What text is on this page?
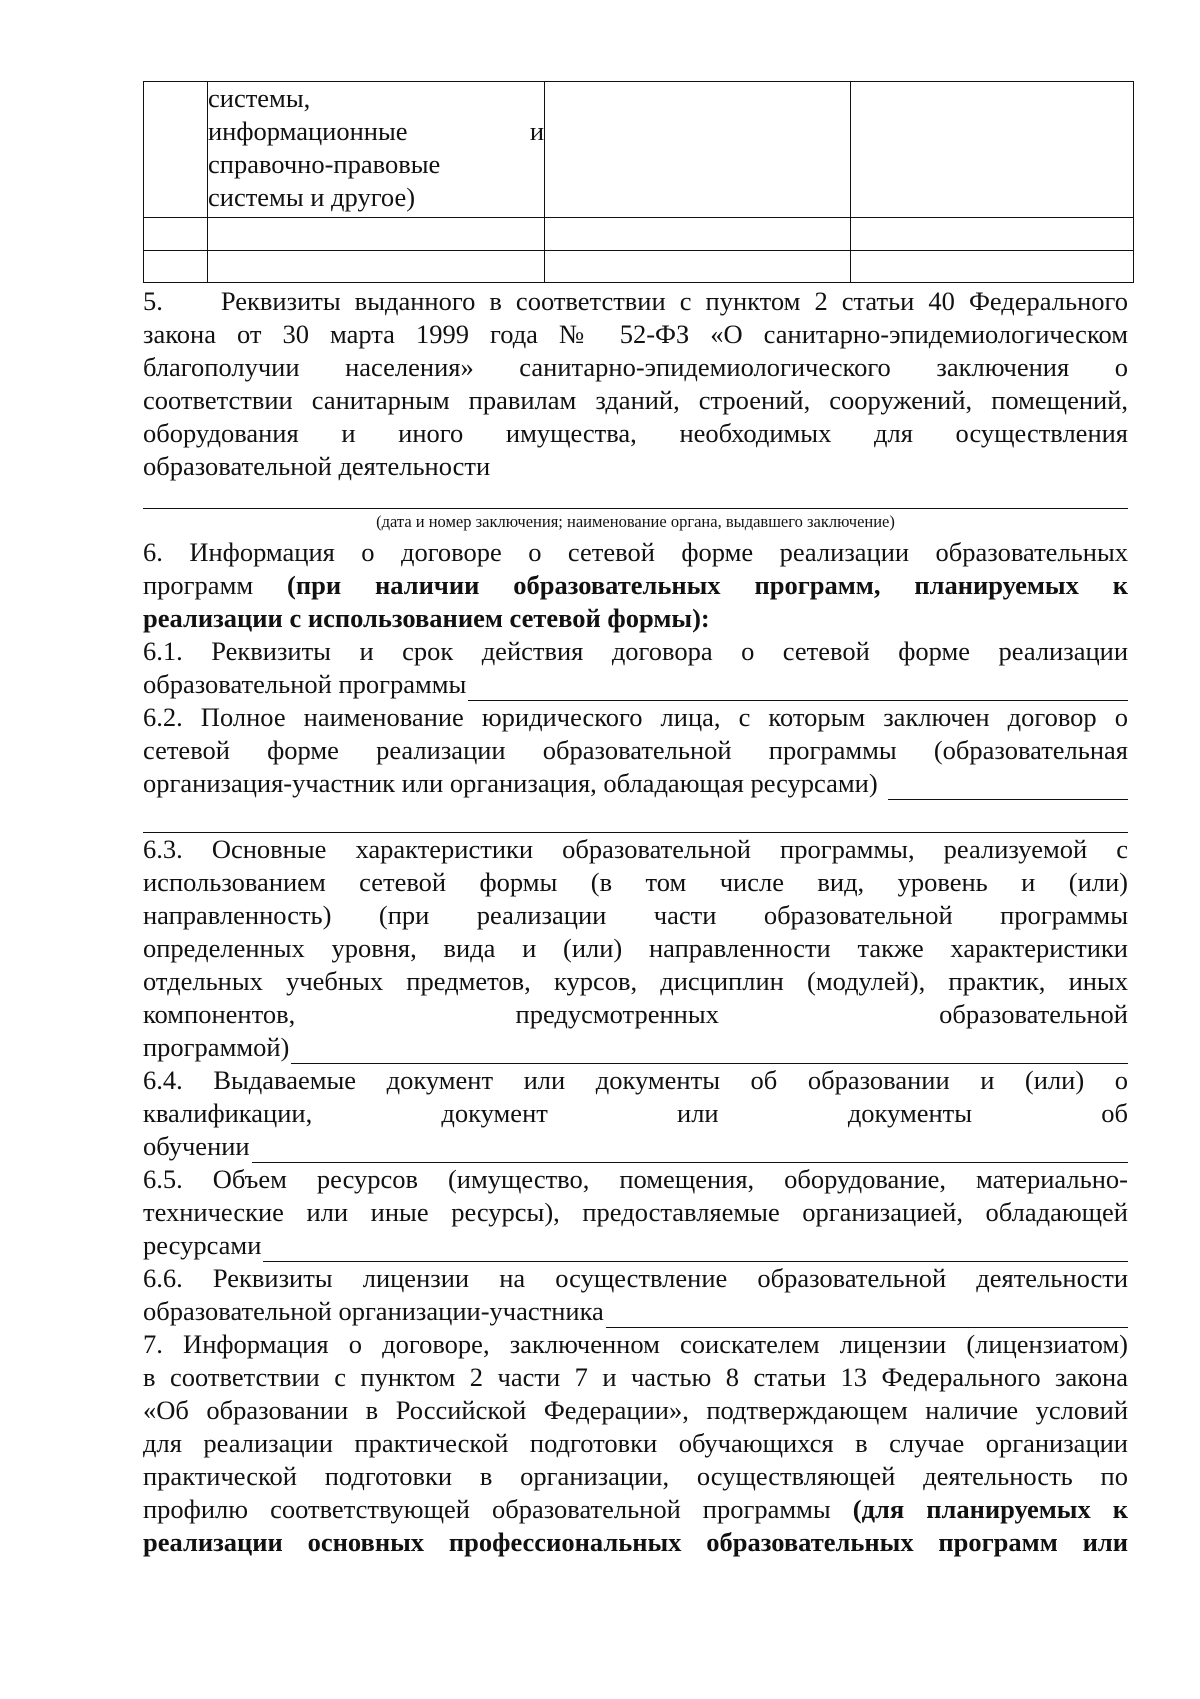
	системы,
информационные и
справочно-правовые
системы и другое)		

5. Реквизиты выданного в соответствии с пунктом 2 статьи 40 Федерального
закона от 30 марта 1999 года № 52-ФЗ «О санитарно-эпидемиологическом
благополучии населения» санитарно-эпидемиологического заключения о
соответствии санитарным правилам зданий, строений, сооружений, помещений,
оборудования и иного имущества, необходимых для осуществления
образовательной деятельности
(дата и номер заключения; наименование органа, выдавшего заключение)
6. Информация о договоре о сетевой форме реализации образовательных
программ (при наличии образовательных программ, планируемых к
реализации с использованием сетевой формы):
6.1. Реквизиты и срок действия договора о сетевой форме реализации
образовательной программы
6.2. Полное наименование юридического лица, с которым заключен договор о
сетевой форме реализации образовательной программы (образовательная
организация-участник или организация, обладающая ресурсами)
6.3. Основные характеристики образовательной программы, реализуемой с
использованием сетевой формы (в том числе вид, уровень и (или)
направленность) (при реализации части образовательной программы
определенных уровня, вида и (или) направленности также характеристики
отдельных учебных предметов, курсов, дисциплин (модулей), практик, иных
компонентов, предусмотренных образовательной
программой)
6.4. Выдаваемые документ или документы об образовании и (или) о
квалификации, документ или документы об
обучении
6.5. Объем ресурсов (имущество, помещения, оборудование, материально-
технические или иные ресурсы), предоставляемые организацией, обладающей
ресурсами
6.6. Реквизиты лицензии на осуществление образовательной деятельности
образовательной организации-участника
7. Информация о договоре, заключенном соискателем лицензии (лицензиатом)
в соответствии с пунктом 2 части 7 и частью 8 статьи 13 Федерального закона
«Об образовании в Российской Федерации», подтверждающем наличие условий
для реализации практической подготовки обучающихся в случае организации
практической подготовки в организации, осуществляющей деятельность по
профилю соответствующей образовательной программы (для планируемых к
реализации основных профессиональных образовательных программ или
